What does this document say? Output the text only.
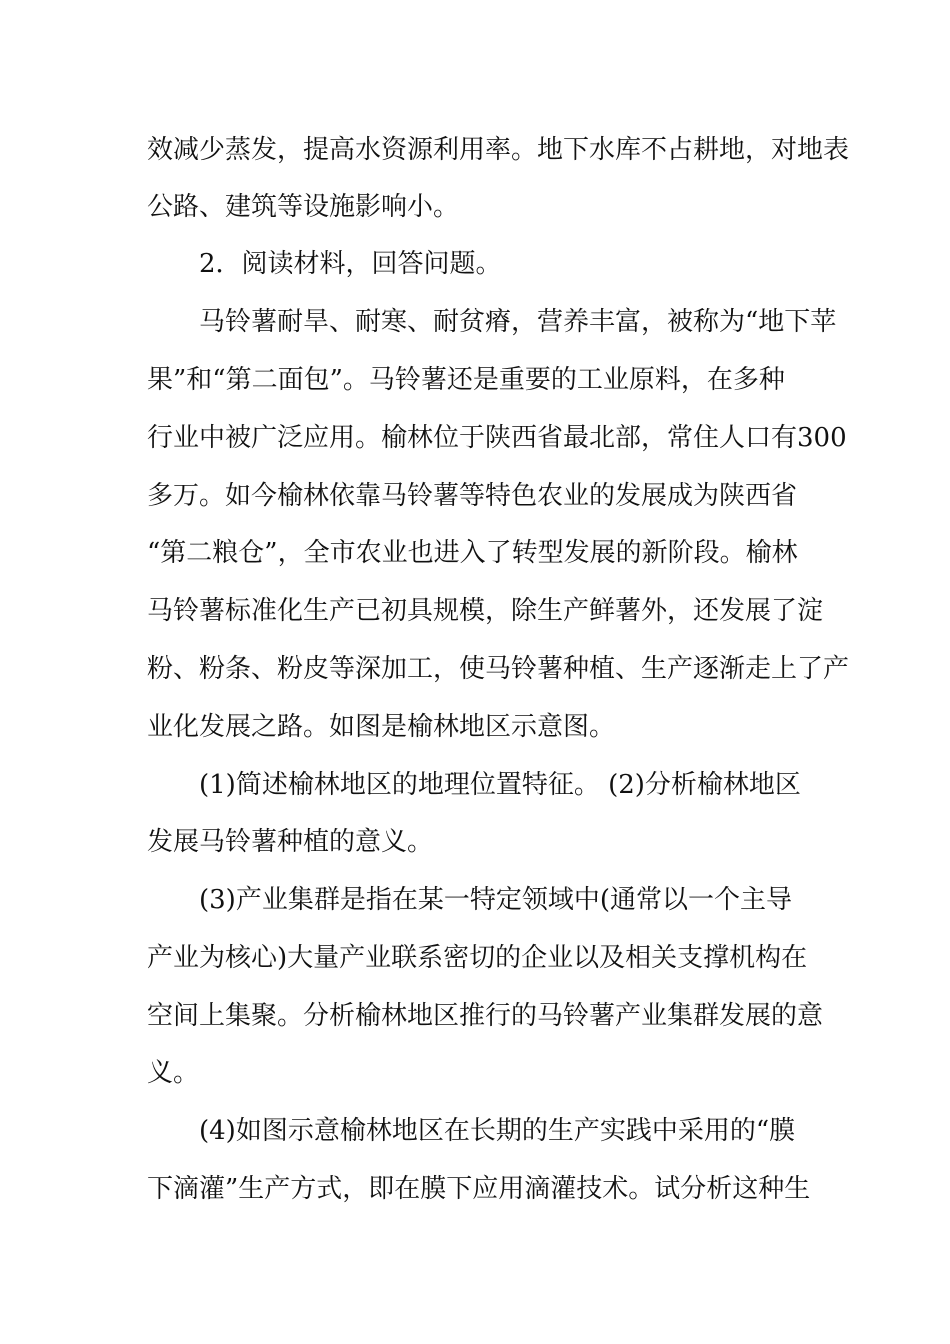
效减少蒸发，提高水资源利用率。地下水库不占耕地，对地表
公路、建筑等设施影响小。
2．阅读材料，回答问题。
马铃薯耐旱、耐寒、耐贫瘠，营养丰富，被称为“地下苹
果”和“第二面包”。马铃薯还是重要的工业原料，在多种
行业中被广泛应用。榆林位于陕西省最北部，常住人口有300
多万。如今榆林依靠马铃薯等特色农业的发展成为陕西省
“第二粮仓”，全市农业也进入了转型发展的新阶段。榆林
马铃薯标准化生产已初具规模，除生产鲜薯外，还发展了淀
粉、粉条、粉皮等深加工，使马铃薯种植、生产逐渐走上了产
业化发展之路。如图是榆林地区示意图。
(1)简述榆林地区的地理位置特征。 (2)分析榆林地区
发展马铃薯种植的意义。
(3)产业集群是指在某一特定领域中(通常以一个主导
产业为核心)大量产业联系密切的企业以及相关支撑机构在
空间上集聚。分析榆林地区推行的马铃薯产业集群发展的意
义。
(4)如图示意榆林地区在长期的生产实践中采用的“膜
下滴灌”生产方式，即在膜下应用滴灌技术。试分析这种生
